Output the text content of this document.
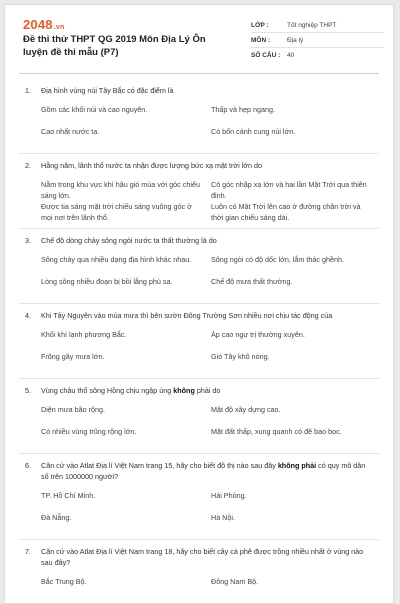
2048.vn
Đề thi thử THPT QG 2019 Môn Địa Lý Ôn luyện đề thi mẫu (P7)
LỚP :	Tốt nghiệp THPT
MÔN :	Địa lý
SỐ CÂU :	40
1.	Địa hình vùng núi Tây Bắc có đặc điểm là
Gồm các khối núi và cao nguyên.	Thấp và hẹp ngang.
Cao nhất nước ta.	Có bốn cánh cung núi lớn.
2.	Hằng năm, lãnh thổ nước ta nhận được lượng bức xạ mặt trời lớn do
Nằm trong khu vực khí hậu gió mùa với góc chiếu sáng lớn.
Có góc nhập xạ lớn và hai lần Mặt Trời qua thiên đỉnh.
Được tia sáng mặt trời chiếu sáng vuông góc ở mọi nơi trên lãnh thổ.
Luôn có Mặt Trời lên cao ở đường chân trời và thời gian chiếu sáng dài.
3.	Chế độ dòng chảy sông ngòi nước ta thất thường là do
Sông chảy qua nhiều dạng địa hình khác nhau.	Sông ngòi có độ dốc lớn, lắm thác ghềnh.
Lòng sông nhiều đoạn bị bồi lắng phù sa.	Chế độ mưa thất thường.
4.	Khi Tây Nguyên vào mùa mưa thì bên sườn Đông Trường Sơn nhiều nơi chịu tác động của
Khối khí lạnh phương Bắc.	Áp cao ngự trị thường xuyên.
Frông gây mưa lớn.	Gió Tây khô nóng.
5.	Vùng châu thổ sông Hồng chịu ngập úng không phải do
Diện mưa bão rộng.	Mật độ xây dựng cao.
Có nhiều vùng trũng rộng lớn.	Mặt đất thấp, xung quanh có đê bao bọc.
6.	Căn cứ vào Atlat Địa lí Việt Nam trang 15, hãy cho biết đô thị nào sau đây không phải có quy mô dân số trên 1000000 người?
TP. Hồ Chí Minh.	Hải Phòng.
Đà Nẵng.	Hà Nội.
7.	Căn cứ vào Atlat Địa lí Việt Nam trang 18, hãy cho biết cây cà phê được trồng nhiều nhất ở vùng nào sau đây?
Bắc Trung Bộ.	Đông Nam Bộ.
